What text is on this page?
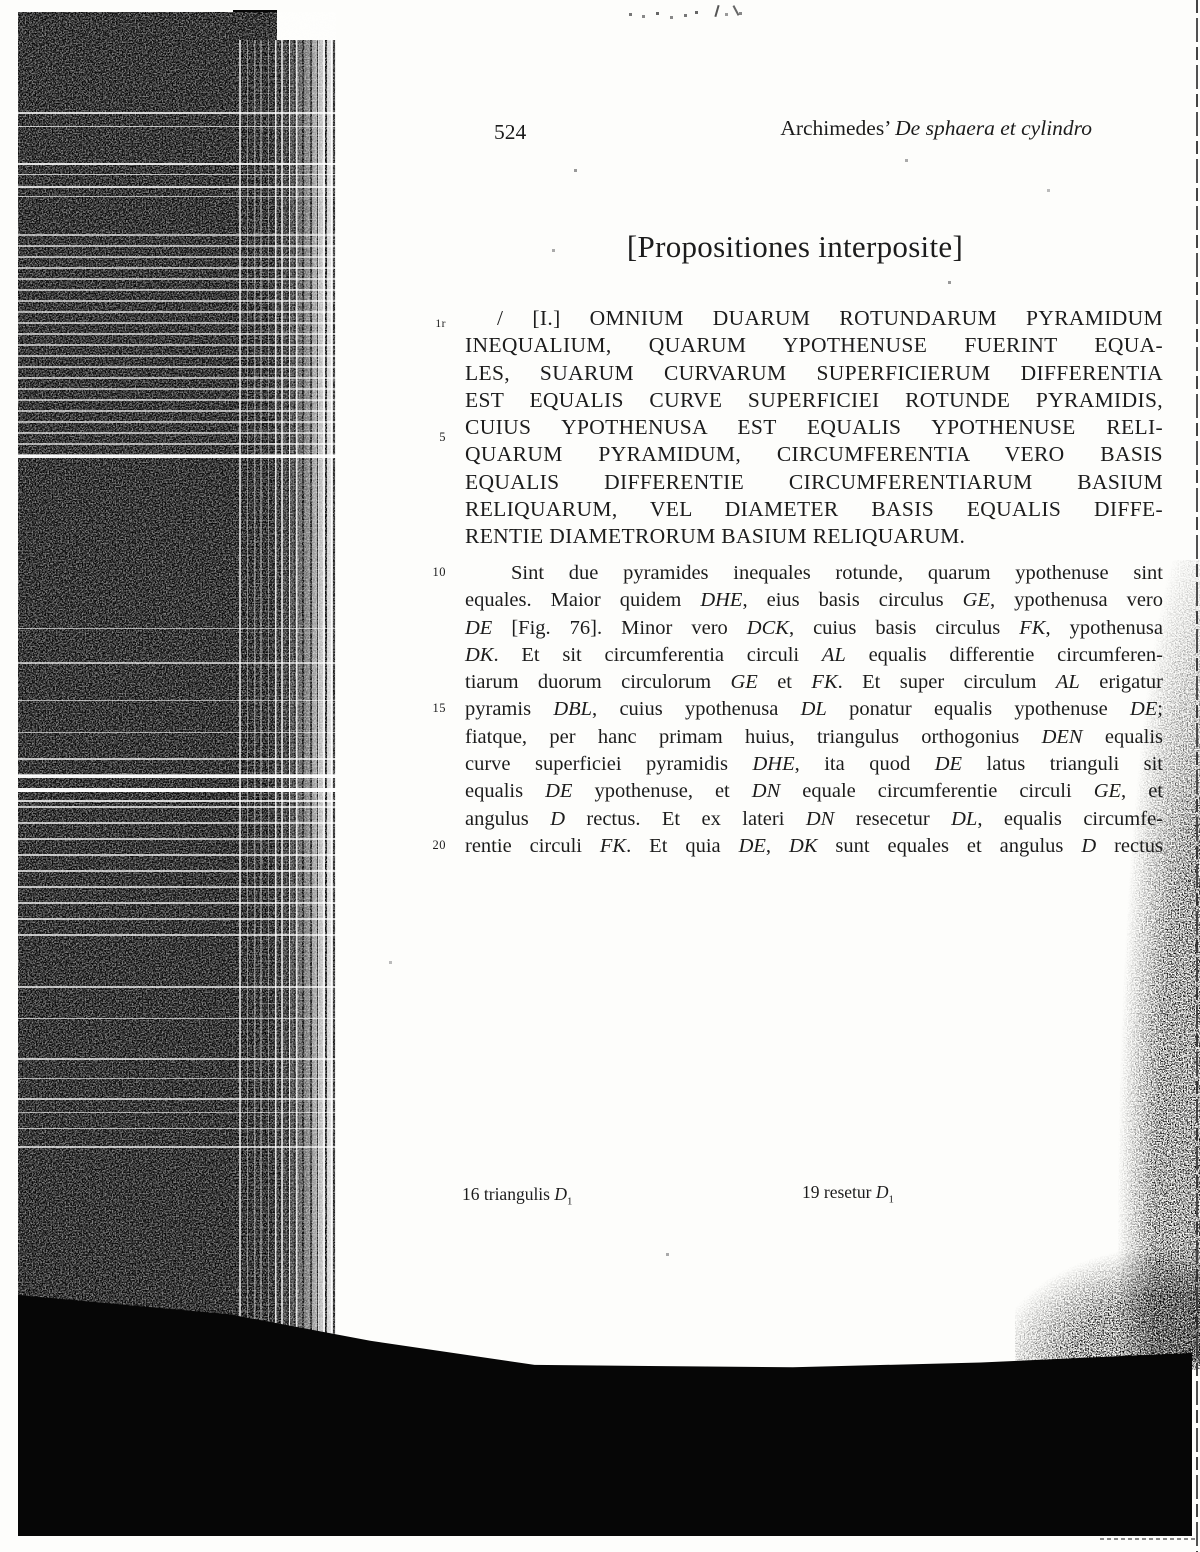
524	Archimedes’ De sphaera et cylindro
[Propositiones interposite]
1r
5
10
15
20
/ [I.] OMNIUM DUARUM ROTUNDARUM PYRAMIDUM
INEQUALIUM, QUARUM YPOTHENUSE FUERINT EQUA-
LES, SUARUM CURVARUM SUPERFICIERUM DIFFERENTIA
EST EQUALIS CURVE SUPERFICIEI ROTUNDE PYRAMIDIS,
CUIUS YPOTHENUSA EST EQUALIS YPOTHENUSE RELI-
QUARUM PYRAMIDUM, CIRCUMFERENTIA VERO BASIS
EQUALIS DIFFERENTIE CIRCUMFERENTIARUM BASIUM
RELIQUARUM, VEL DIAMETER BASIS EQUALIS DIFFE-
RENTIE DIAMETRORUM BASIUM RELIQUARUM.
Sint due pyramides inequales rotunde, quarum ypothenuse sint
equales. Maior quidem DHE, eius basis circulus GE, ypothenusa vero
DE [Fig. 76]. Minor vero DCK, cuius basis circulus FK, ypothenusa
DK. Et sit circumferentia circuli AL equalis differentie circumferen-
tiarum duorum circulorum GE et FK. Et super circulum AL erigatur
pyramis DBL, cuius ypothenusa DL ponatur equalis ypothenuse DE;
fiatque, per hanc primam huius, triangulus orthogonius DEN equalis
curve superficiei pyramidis DHE, ita quod DE latus trianguli sit
equalis DE ypothenuse, et DN equale circumferentie circuli GE, et
angulus D rectus. Et ex lateri DN resecetur DL, equalis circumfe-
rentie circuli FK. Et quia DE, DK sunt equales et angulus D rectus
16 triangulis $D_1$	19 resetur $D_1$
